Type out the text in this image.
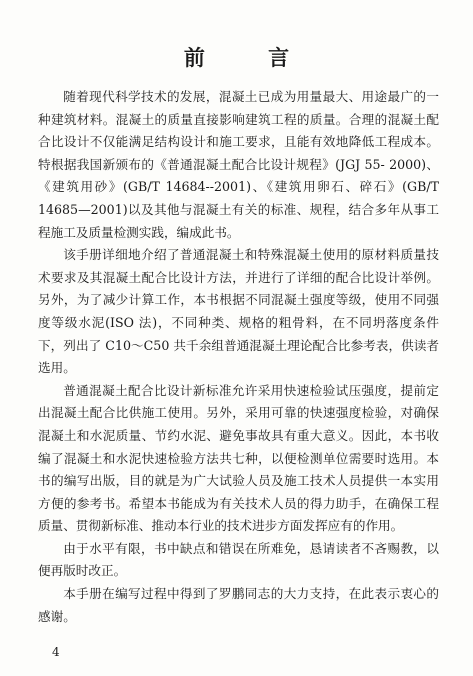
前 言

随着现代科学技术的发展，混凝土已成为用量最大、用途最广的一种建筑材料。混凝土的质量直接影响建筑工程的质量。合理的混凝土配合比设计不仅能满足结构设计和施工要求，且能有效地降低工程成本。特根据我国新颁布的《普通混凝土配合比设计规程》(JGJ 55- 2000)、《建筑用砂》(GB/T 14684--2001)、《建筑用卵石、碎石》(GB/T 14685—2001)以及其他与混凝土有关的标准、规程，结合多年从事工程施工及质量检测实践，编成此书。

该手册详细地介绍了普通混凝土和特殊混凝土使用的原材料质量技术要求及其混凝土配合比设计方法，并进行了详细的配合比设计举例。另外，为了减少计算工作，本书根据不同混凝土强度等级，使用不同强度等级水泥(ISO 法)，不同种类、规格的粗骨料，在不同坍落度条件下，列出了 C10～C50 共千余组普通混凝土理论配合比参考表，供读者选用。

普通混凝土配合比设计新标准允许采用快速检验试压强度，提前定出混凝土配合比供施工使用。另外，采用可靠的快速强度检验，对确保混凝土和水泥质量、节约水泥、避免事故具有重大意义。因此，本书收编了混凝土和水泥快速检验方法共七种，以便检测单位需要时选用。本书的编写出版，目的就是为广大试验人员及施工技术人员提供一本实用方便的参考书。希望本书能成为有关技术人员的得力助手，在确保工程质量、贯彻新标准、推动本行业的技术进步方面发挥应有的作用。

由于水平有限，书中缺点和错误在所难免，恳请读者不吝赐教，以便再版时改正。

本手册在编写过程中得到了罗鹏同志的大力支持，在此表示衷心的感谢。

4
